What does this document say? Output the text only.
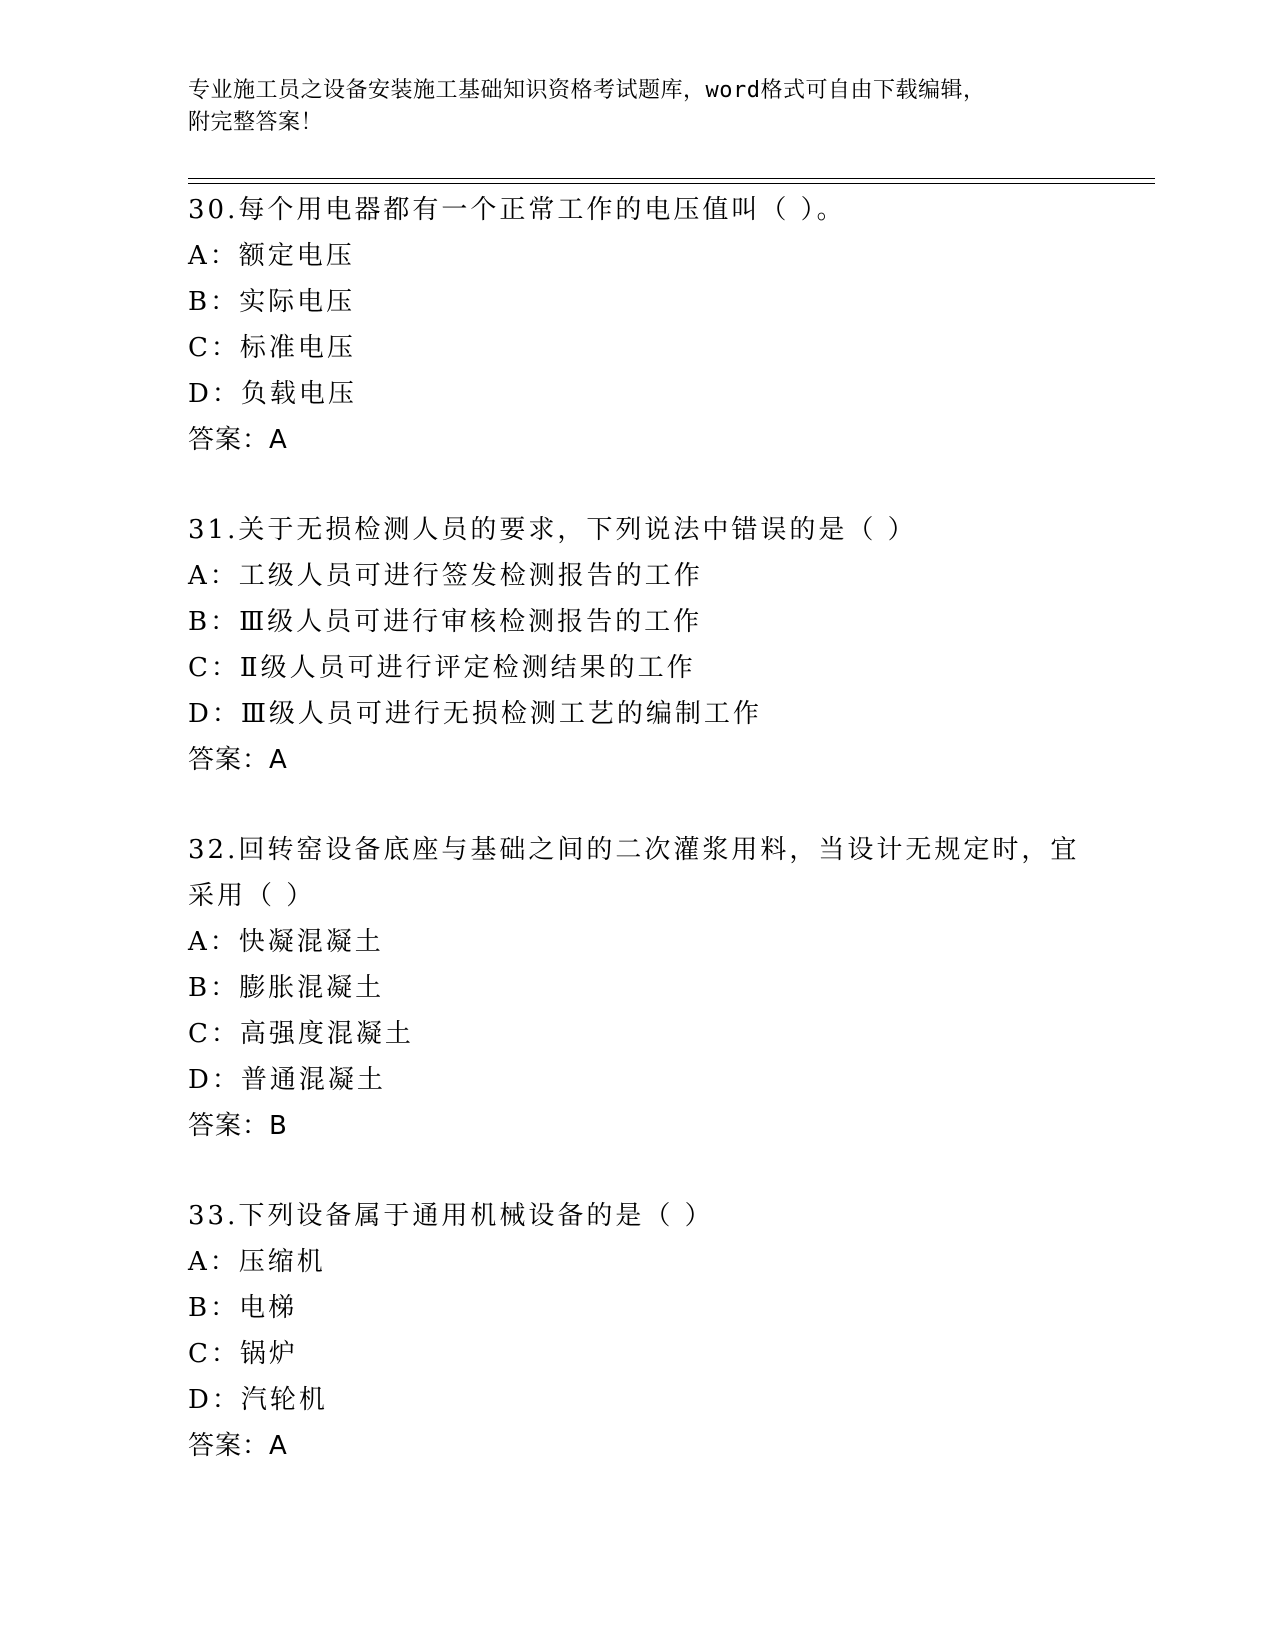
专业施工员之设备安装施工基础知识资格考试题库，word格式可自由下载编辑，
附完整答案！
30.每个用电器都有一个正常工作的电压值叫（ ）。
A：额定电压
B：实际电压
C：标准电压
D：负载电压
答案：A
31.关于无损检测人员的要求，下列说法中错误的是（ ）
A：工级人员可进行签发检测报告的工作
B：Ⅲ级人员可进行审核检测报告的工作
C：Ⅱ级人员可进行评定检测结果的工作
D：Ⅲ级人员可进行无损检测工艺的编制工作
答案：A
32.回转窑设备底座与基础之间的二次灌浆用料，当设计无规定时，宜
采用（ ）
A：快凝混凝土
B：膨胀混凝土
C：高强度混凝土
D：普通混凝土
答案：B
33.下列设备属于通用机械设备的是（ ）
A：压缩机
B：电梯
C：锅炉
D：汽轮机
答案：A
